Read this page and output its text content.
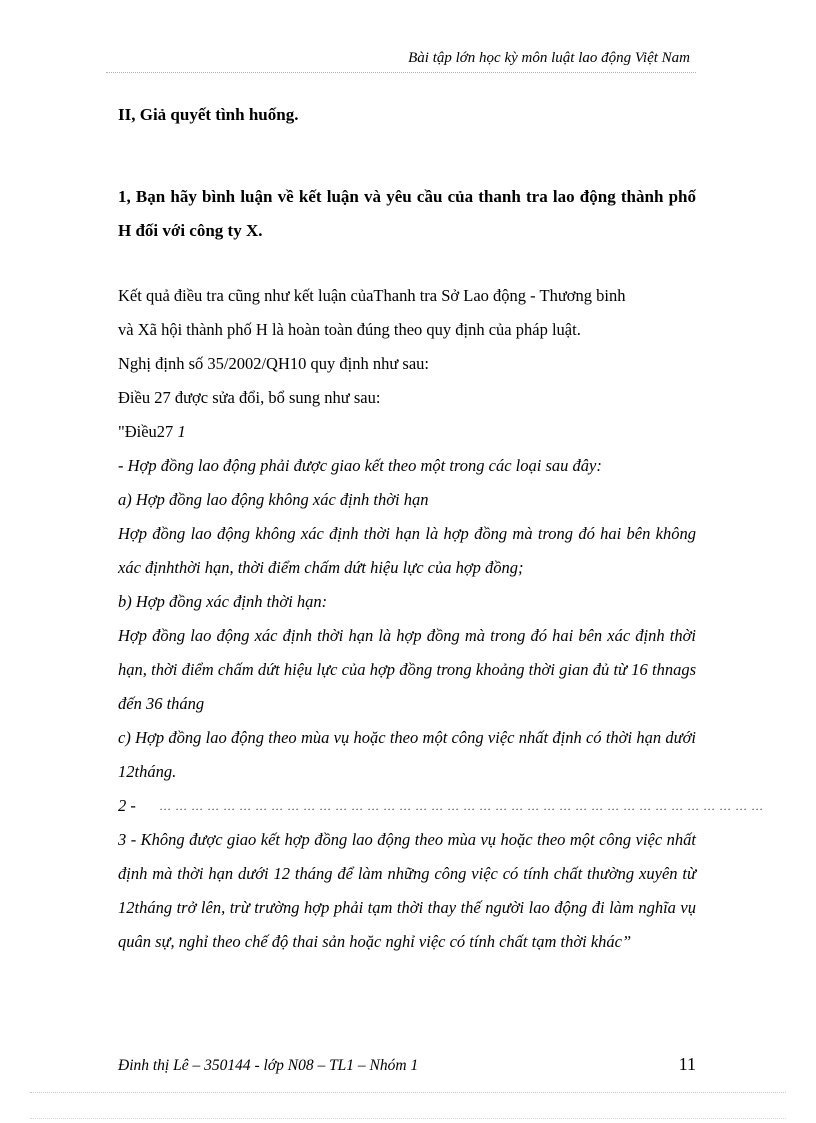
Bài tập lớn học kỳ môn luật lao động Việt Nam

II, Giả quyết tình huống.

1, Bạn hãy bình luận về kết luận và yêu cầu của thanh tra lao động thành phố H đối với công ty X.

Kết quả điều tra cũng như kết luận củaThanh tra Sở Lao động - Thương binh

và Xã hội thành phố H là hoàn toàn đúng theo quy định của pháp luật.

Nghị định số 35/2002/QH10 quy định như sau:

Điều 27 được sửa đổi, bổ sung như sau:

"Điều27 1

- Hợp đồng lao động phải được giao kết theo một trong các loại sau đây:

a) Hợp đồng lao động không xác định thời hạn

Hợp đồng lao động không xác định thời hạn là hợp đồng mà trong đó hai bên không xác địnhthời hạn, thời điểm chấm dứt hiệu lực của hợp đồng;

b) Hợp đồng xác định thời hạn:

Hợp đồng lao động xác định thời hạn là hợp đồng mà trong đó hai bên xác định thời hạn, thời điểm chấm dứt hiệu lực của hợp đồng trong khoảng thời gian đủ từ 16 thnags đến 36 tháng

c) Hợp đồng lao động theo mùa vụ hoặc theo một công việc nhất định có thời hạn dưới 12tháng.

2 - ... ... ... ... ... ... ... ... ... ... ... ... ... ... ... ... ... ... ... ... ... ... ... ... ... ... ... ... ... ... ... ... ... ... ... ... ... ...

3 - Không được giao kết hợp đồng lao động theo mùa vụ hoặc theo một công việc nhất định mà thời hạn dưới 12 tháng để làm những công việc có tính chất thường xuyên từ 12tháng trở lên, trừ trường hợp phải tạm thời thay thế người lao động đi làm nghĩa vụ quân sự, nghỉ theo chế độ thai sản hoặc nghỉ việc có tính chất tạm thời khác”

Đinh thị Lê – 350144 - lớp N08 – TL1 – Nhóm 1	11
